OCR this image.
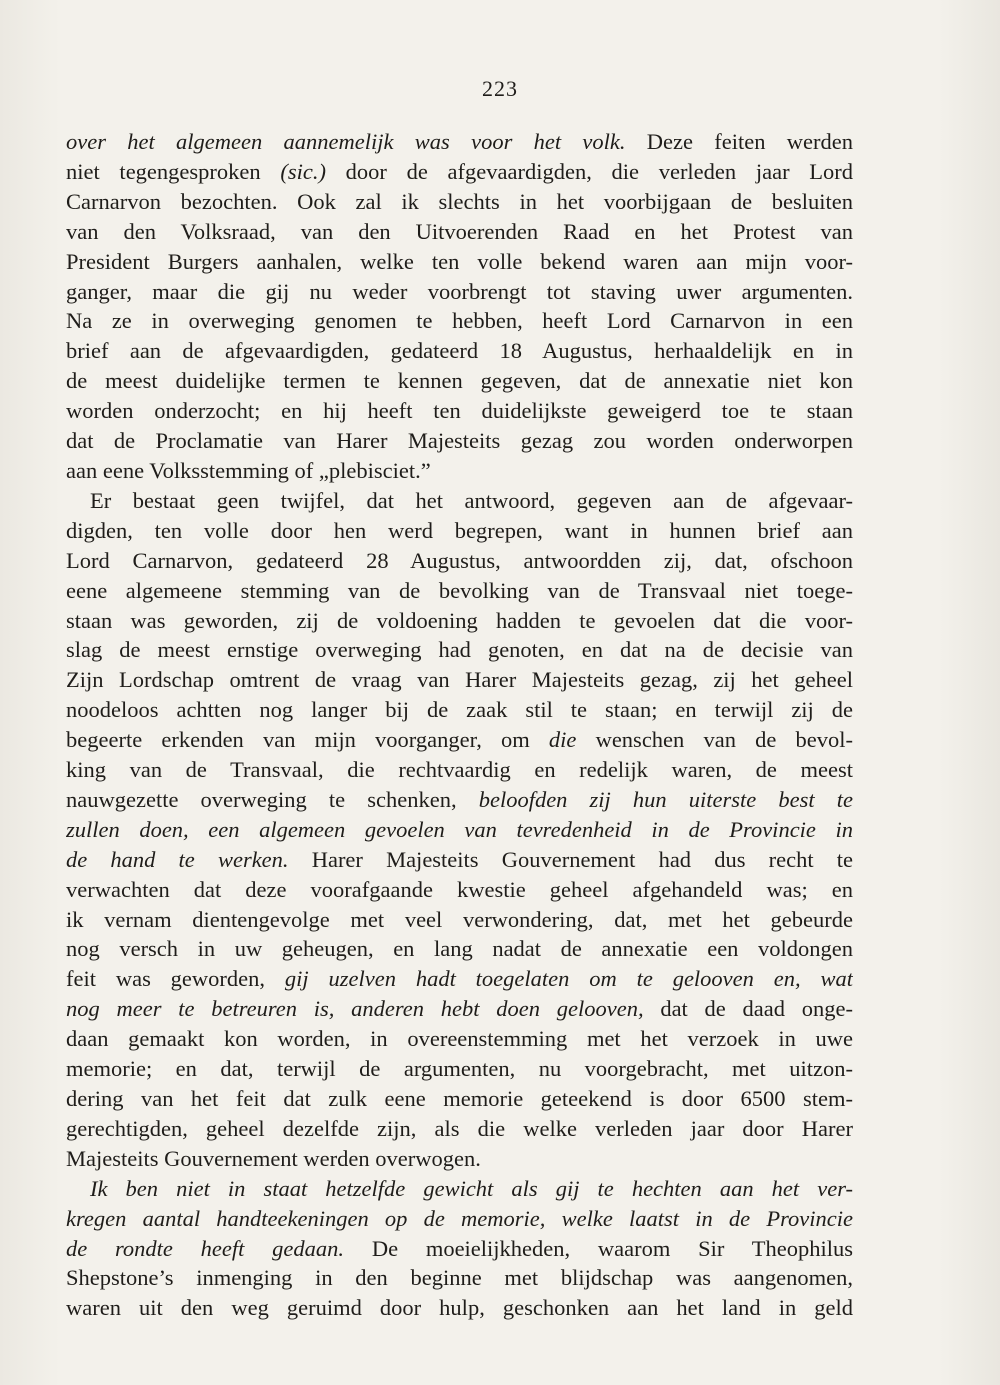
223
over het algemeen aannemelijk was voor het volk. Deze feiten werden
niet tegengesproken (sic.) door de afgevaardigden, die verleden jaar Lord
Carnarvon bezochten. Ook zal ik slechts in het voorbijgaan de besluiten
van den Volksraad, van den Uitvoerenden Raad en het Protest van
President Burgers aanhalen, welke ten volle bekend waren aan mijn voor-
ganger, maar die gij nu weder voorbrengt tot staving uwer argumenten.
Na ze in overweging genomen te hebben, heeft Lord Carnarvon in een
brief aan de afgevaardigden, gedateerd 18 Augustus, herhaaldelijk en in
de meest duidelijke termen te kennen gegeven, dat de annexatie niet kon
worden onderzocht; en hij heeft ten duidelijkste geweigerd toe te staan
dat de Proclamatie van Harer Majesteits gezag zou worden onderworpen
aan eene Volksstemming of „plebisciet.”
Er bestaat geen twijfel, dat het antwoord, gegeven aan de afgevaar-
digden, ten volle door hen werd begrepen, want in hunnen brief aan
Lord Carnarvon, gedateerd 28 Augustus, antwoordden zij, dat, ofschoon
eene algemeene stemming van de bevolking van de Transvaal niet toege-
staan was geworden, zij de voldoening hadden te gevoelen dat die voor-
slag de meest ernstige overweging had genoten, en dat na de decisie van
Zijn Lordschap omtrent de vraag van Harer Majesteits gezag, zij het geheel
noodeloos achtten nog langer bij de zaak stil te staan; en terwijl zij de
begeerte erkenden van mijn voorganger, om die wenschen van de bevol-
king van de Transvaal, die rechtvaardig en redelijk waren, de meest
nauwgezette overweging te schenken, beloofden zij hun uiterste best te
zullen doen, een algemeen gevoelen van tevredenheid in de Provincie in
de hand te werken. Harer Majesteits Gouvernement had dus recht te
verwachten dat deze voorafgaande kwestie geheel afgehandeld was; en
ik vernam dientengevolge met veel verwondering, dat, met het gebeurde
nog versch in uw geheugen, en lang nadat de annexatie een voldongen
feit was geworden, gij uzelven hadt toegelaten om te gelooven en, wat
nog meer te betreuren is, anderen hebt doen gelooven, dat de daad onge-
daan gemaakt kon worden, in overeenstemming met het verzoek in uwe
memorie; en dat, terwijl de argumenten, nu voorgebracht, met uitzon-
dering van het feit dat zulk eene memorie geteekend is door 6500 stem-
gerechtigden, geheel dezelfde zijn, als die welke verleden jaar door Harer
Majesteits Gouvernement werden overwogen.
Ik ben niet in staat hetzelfde gewicht als gij te hechten aan het ver-
kregen aantal handteekeningen op de memorie, welke laatst in de Provincie
de rondte heeft gedaan. De moeielijkheden, waarom Sir Theophilus
Shepstone’s inmenging in den beginne met blijdschap was aangenomen,
waren uit den weg geruimd door hulp, geschonken aan het land in geld
